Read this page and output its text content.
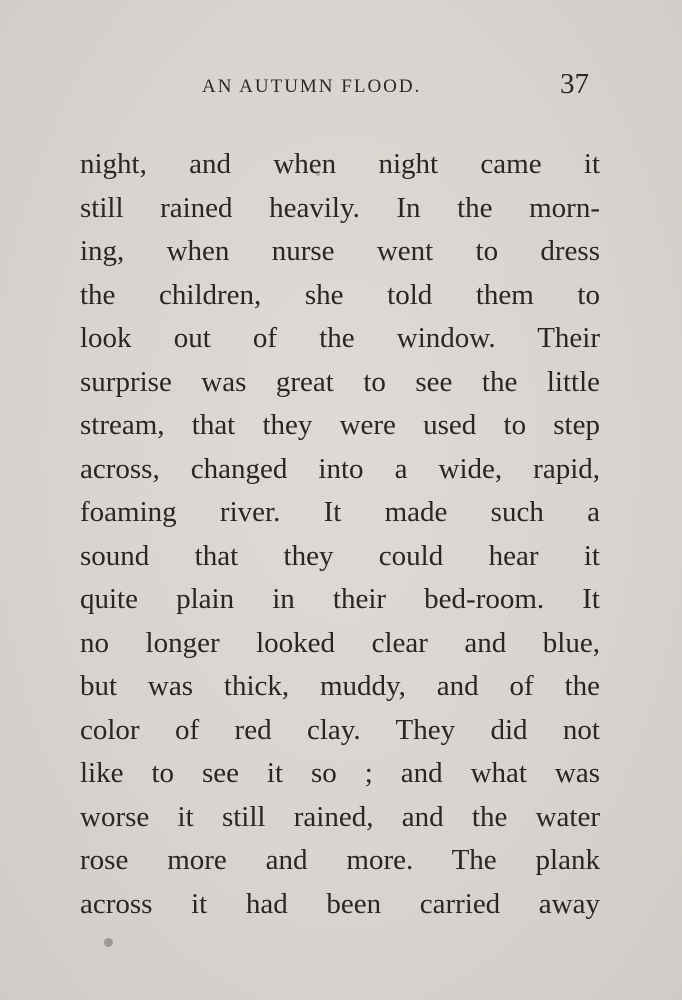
AN AUTUMN FLOOD.	37
night, and when night came it
still rained heavily. In the morn-
ing, when nurse went to dress
the children, she told them to
look out of the window. Their
surprise was great to see the little
stream, that they were used to step
across, changed into a wide, rapid,
foaming river. It made such a
sound that they could hear it
quite plain in their bed-room. It
no longer looked clear and blue,
but was thick, muddy, and of the
color of red clay. They did not
like to see it so ; and what was
worse it still rained, and the water
rose more and more. The plank
across it had been carried away
